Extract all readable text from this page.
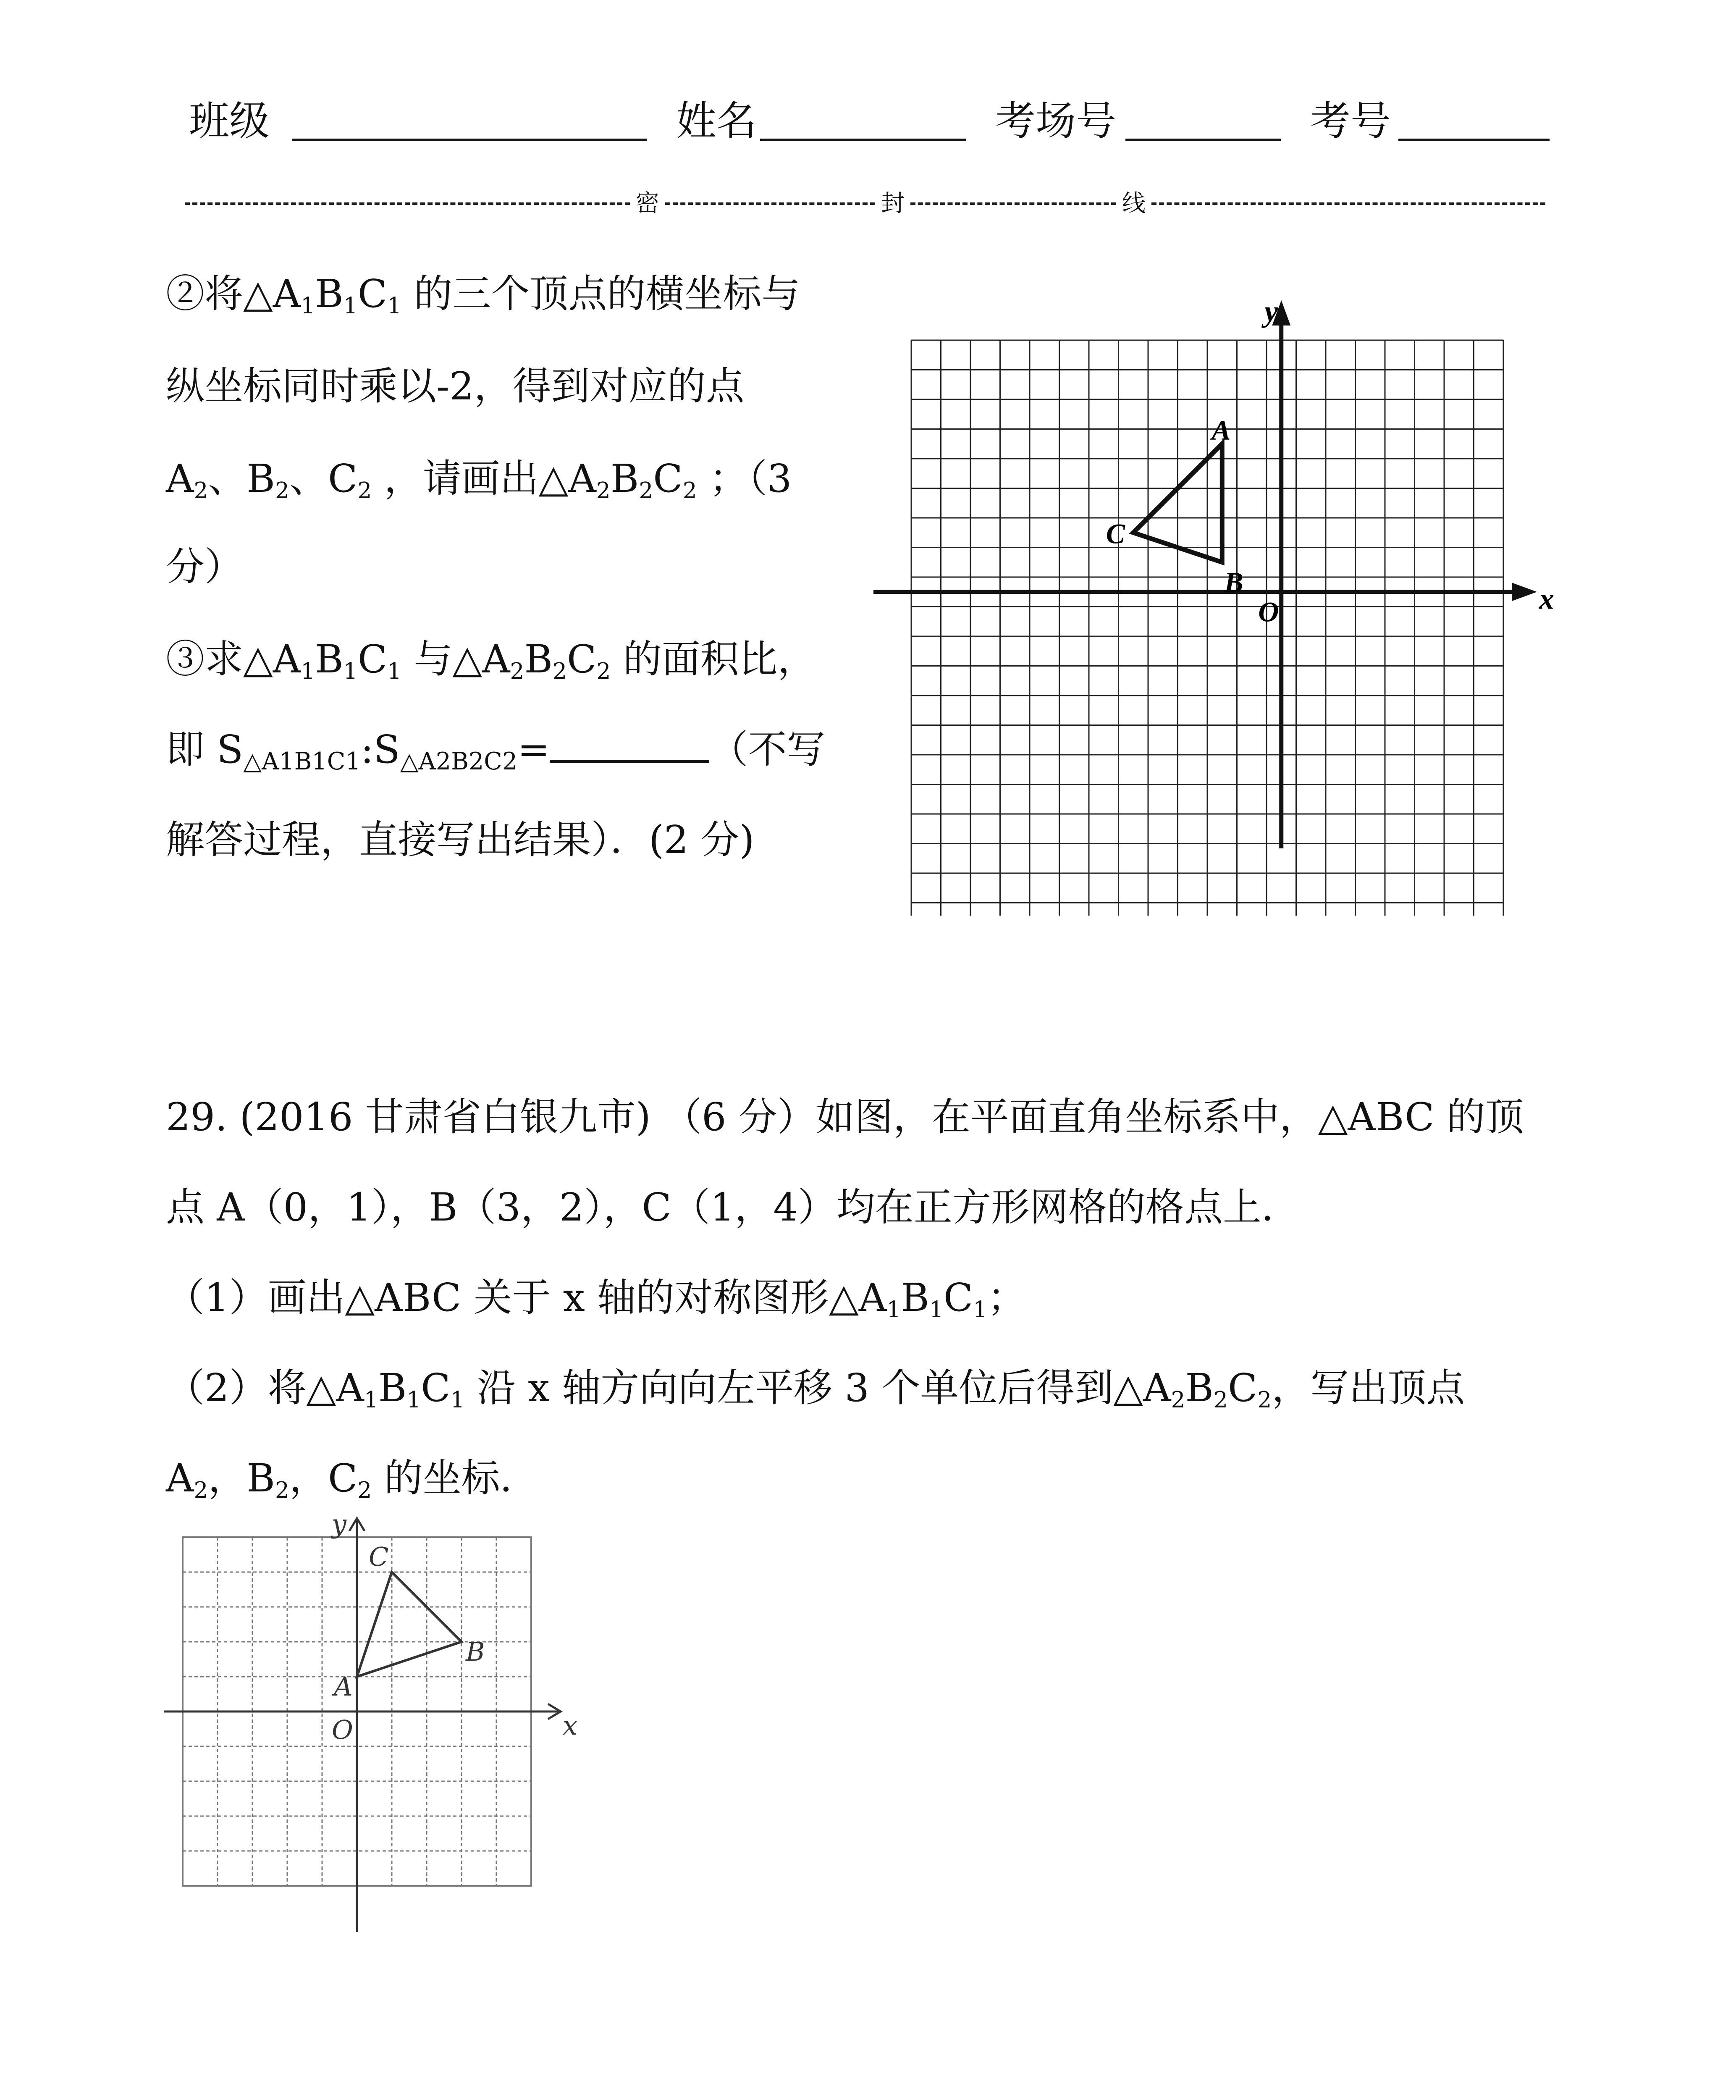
班级	姓名	考场号	考号
密	封	线
②将$\triangle A_1B_1C_1$ 的三个顶点的横坐标与
纵坐标同时乘以-2，得到对应的点
$A_2$、$B_2$、$C_2$ ，请画出$\triangle A_2B_2C_2$ ；（3
分）
③求$\triangle A_1B_1C_1$ 与$\triangle A_2B_2C_2$ 的面积比，
即 $S_{\triangle A1B1C1}:S_{\triangle A2B2C2}=$	（不写
解答过程，直接写出结果）．(2 分)
A
B
C
O	x
y
29. (2016 甘肃省白银九市) （6 分）如图，在平面直角坐标系中，△ABC 的顶
点 A（0，1），B（3，2），C（1，4）均在正方形网格的格点上．
（1）画出△ABC 关于 x 轴的对称图形$\triangle A_1B_1C_1$；
（2）将$\triangle A_1B_1C_1$ 沿 x 轴方向向左平移 3 个单位后得到$\triangle A_2B_2C_2$，写出顶点
$A_2$，$B_2$，$C_2$ 的坐标．
A
B
C
O	x
y
